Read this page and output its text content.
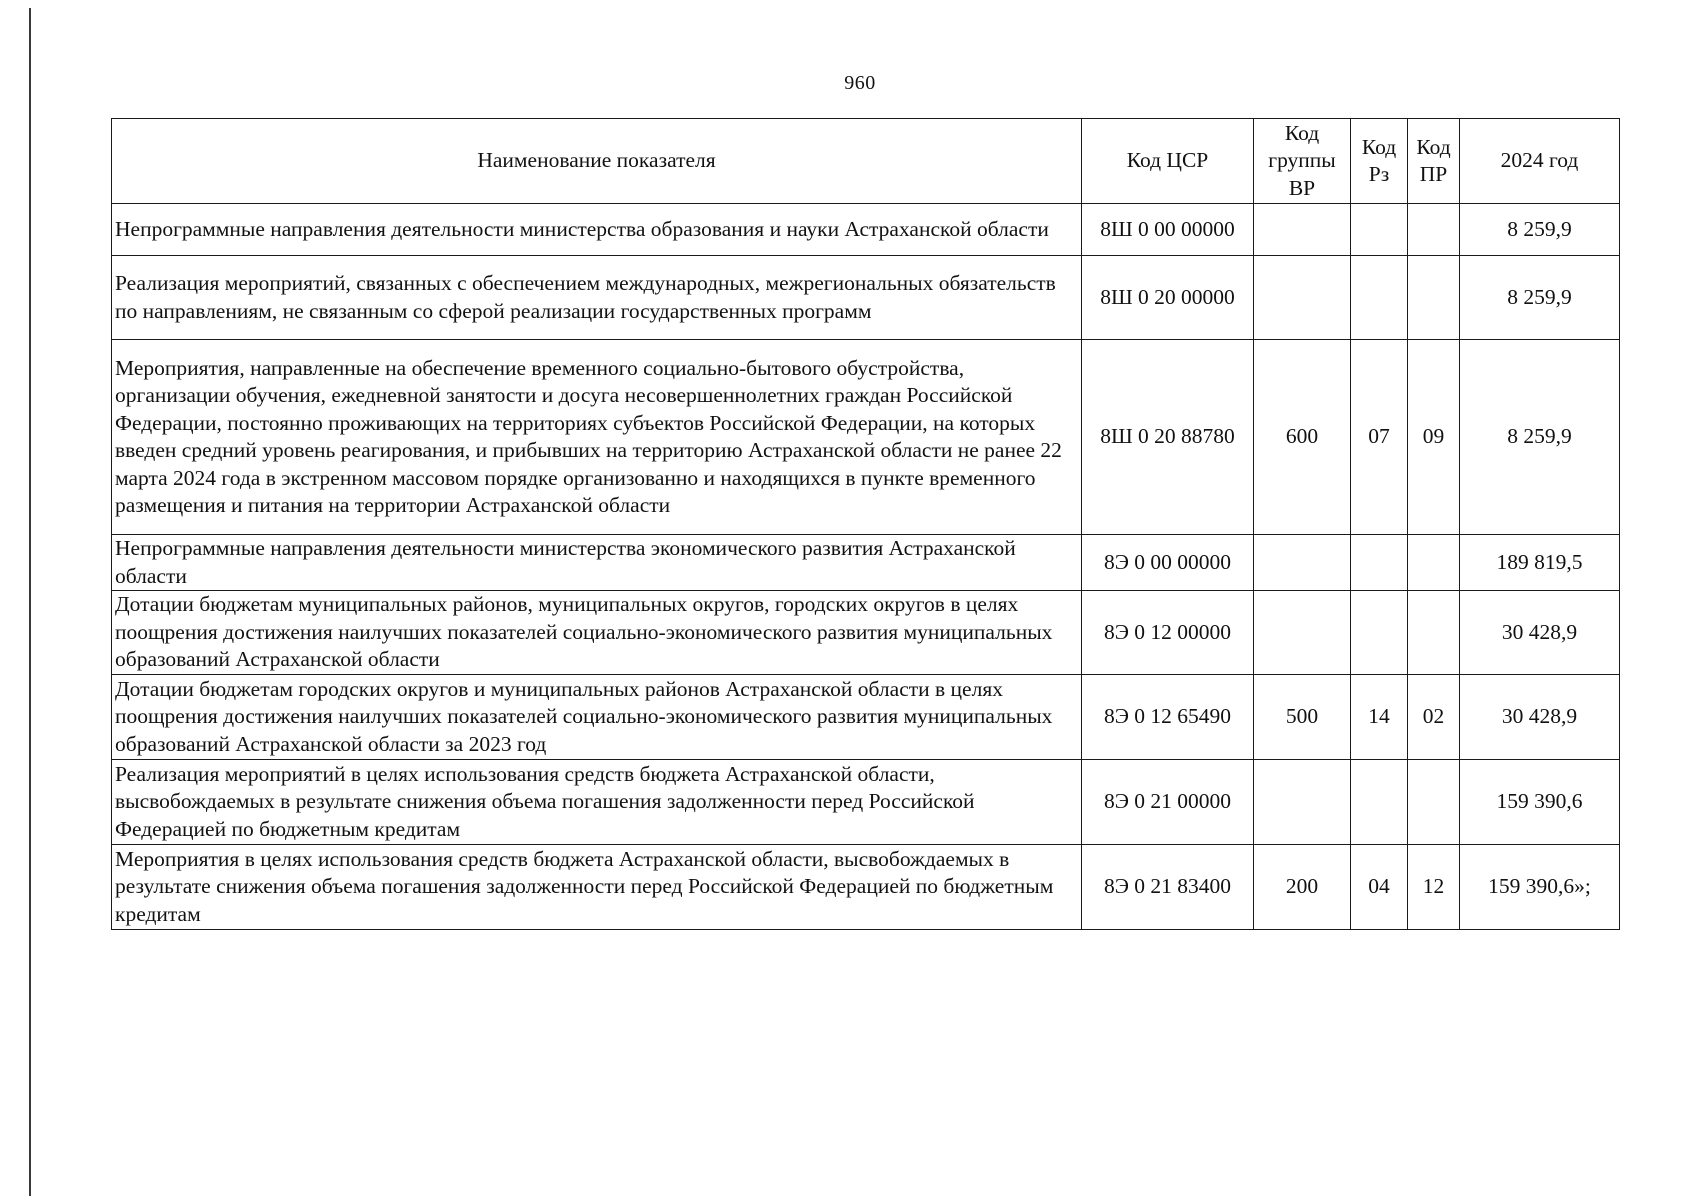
960
Наименование показателя	Код ЦСР	Код группы ВР	Код Рз	Код ПР	2024 год
Непрограммные направления деятельности министерства образования и науки Астраханской области	8Ш 0 00 00000				8 259,9
Реализация мероприятий, связанных с обеспечением международных, межрегиональных обязательств по направлениям, не связанным со сферой реализации государственных программ	8Ш 0 20 00000				8 259,9
Мероприятия, направленные на обеспечение временного социально-бытового обустройства, организации обучения, ежедневной занятости и досуга несовершеннолетних граждан Российской Федерации, постоянно проживающих на территориях субъектов Российской Федерации, на которых введен средний уровень реагирования, и прибывших на территорию Астраханской области не ранее 22 марта 2024 года в экстренном массовом порядке организованно и находящихся в пункте временного размещения и питания на территории Астраханской области	8Ш 0 20 88780	600	07	09	8 259,9
Непрограммные направления деятельности министерства экономического развития Астраханской области	8Э 0 00 00000				189 819,5
Дотации бюджетам муниципальных районов, муниципальных округов, городских округов в целях поощрения достижения наилучших показателей социально-экономического развития муниципальных образований Астраханской области	8Э 0 12 00000				30 428,9
Дотации бюджетам городских округов и муниципальных районов Астраханской области в целях поощрения достижения наилучших показателей социально-экономического развития муниципальных образований Астраханской области за 2023 год	8Э 0 12 65490	500	14	02	30 428,9
Реализация мероприятий в целях использования средств бюджета Астраханской области, высвобождаемых в результате снижения объема погашения задолженности перед Российской Федерацией по бюджетным кредитам	8Э 0 21 00000				159 390,6
Мероприятия в целях использования средств бюджета Астраханской области, высвобождаемых в результате снижения объема погашения задолженности перед Российской Федерацией по бюджетным кредитам	8Э 0 21 83400	200	04	12	159 390,6»;
